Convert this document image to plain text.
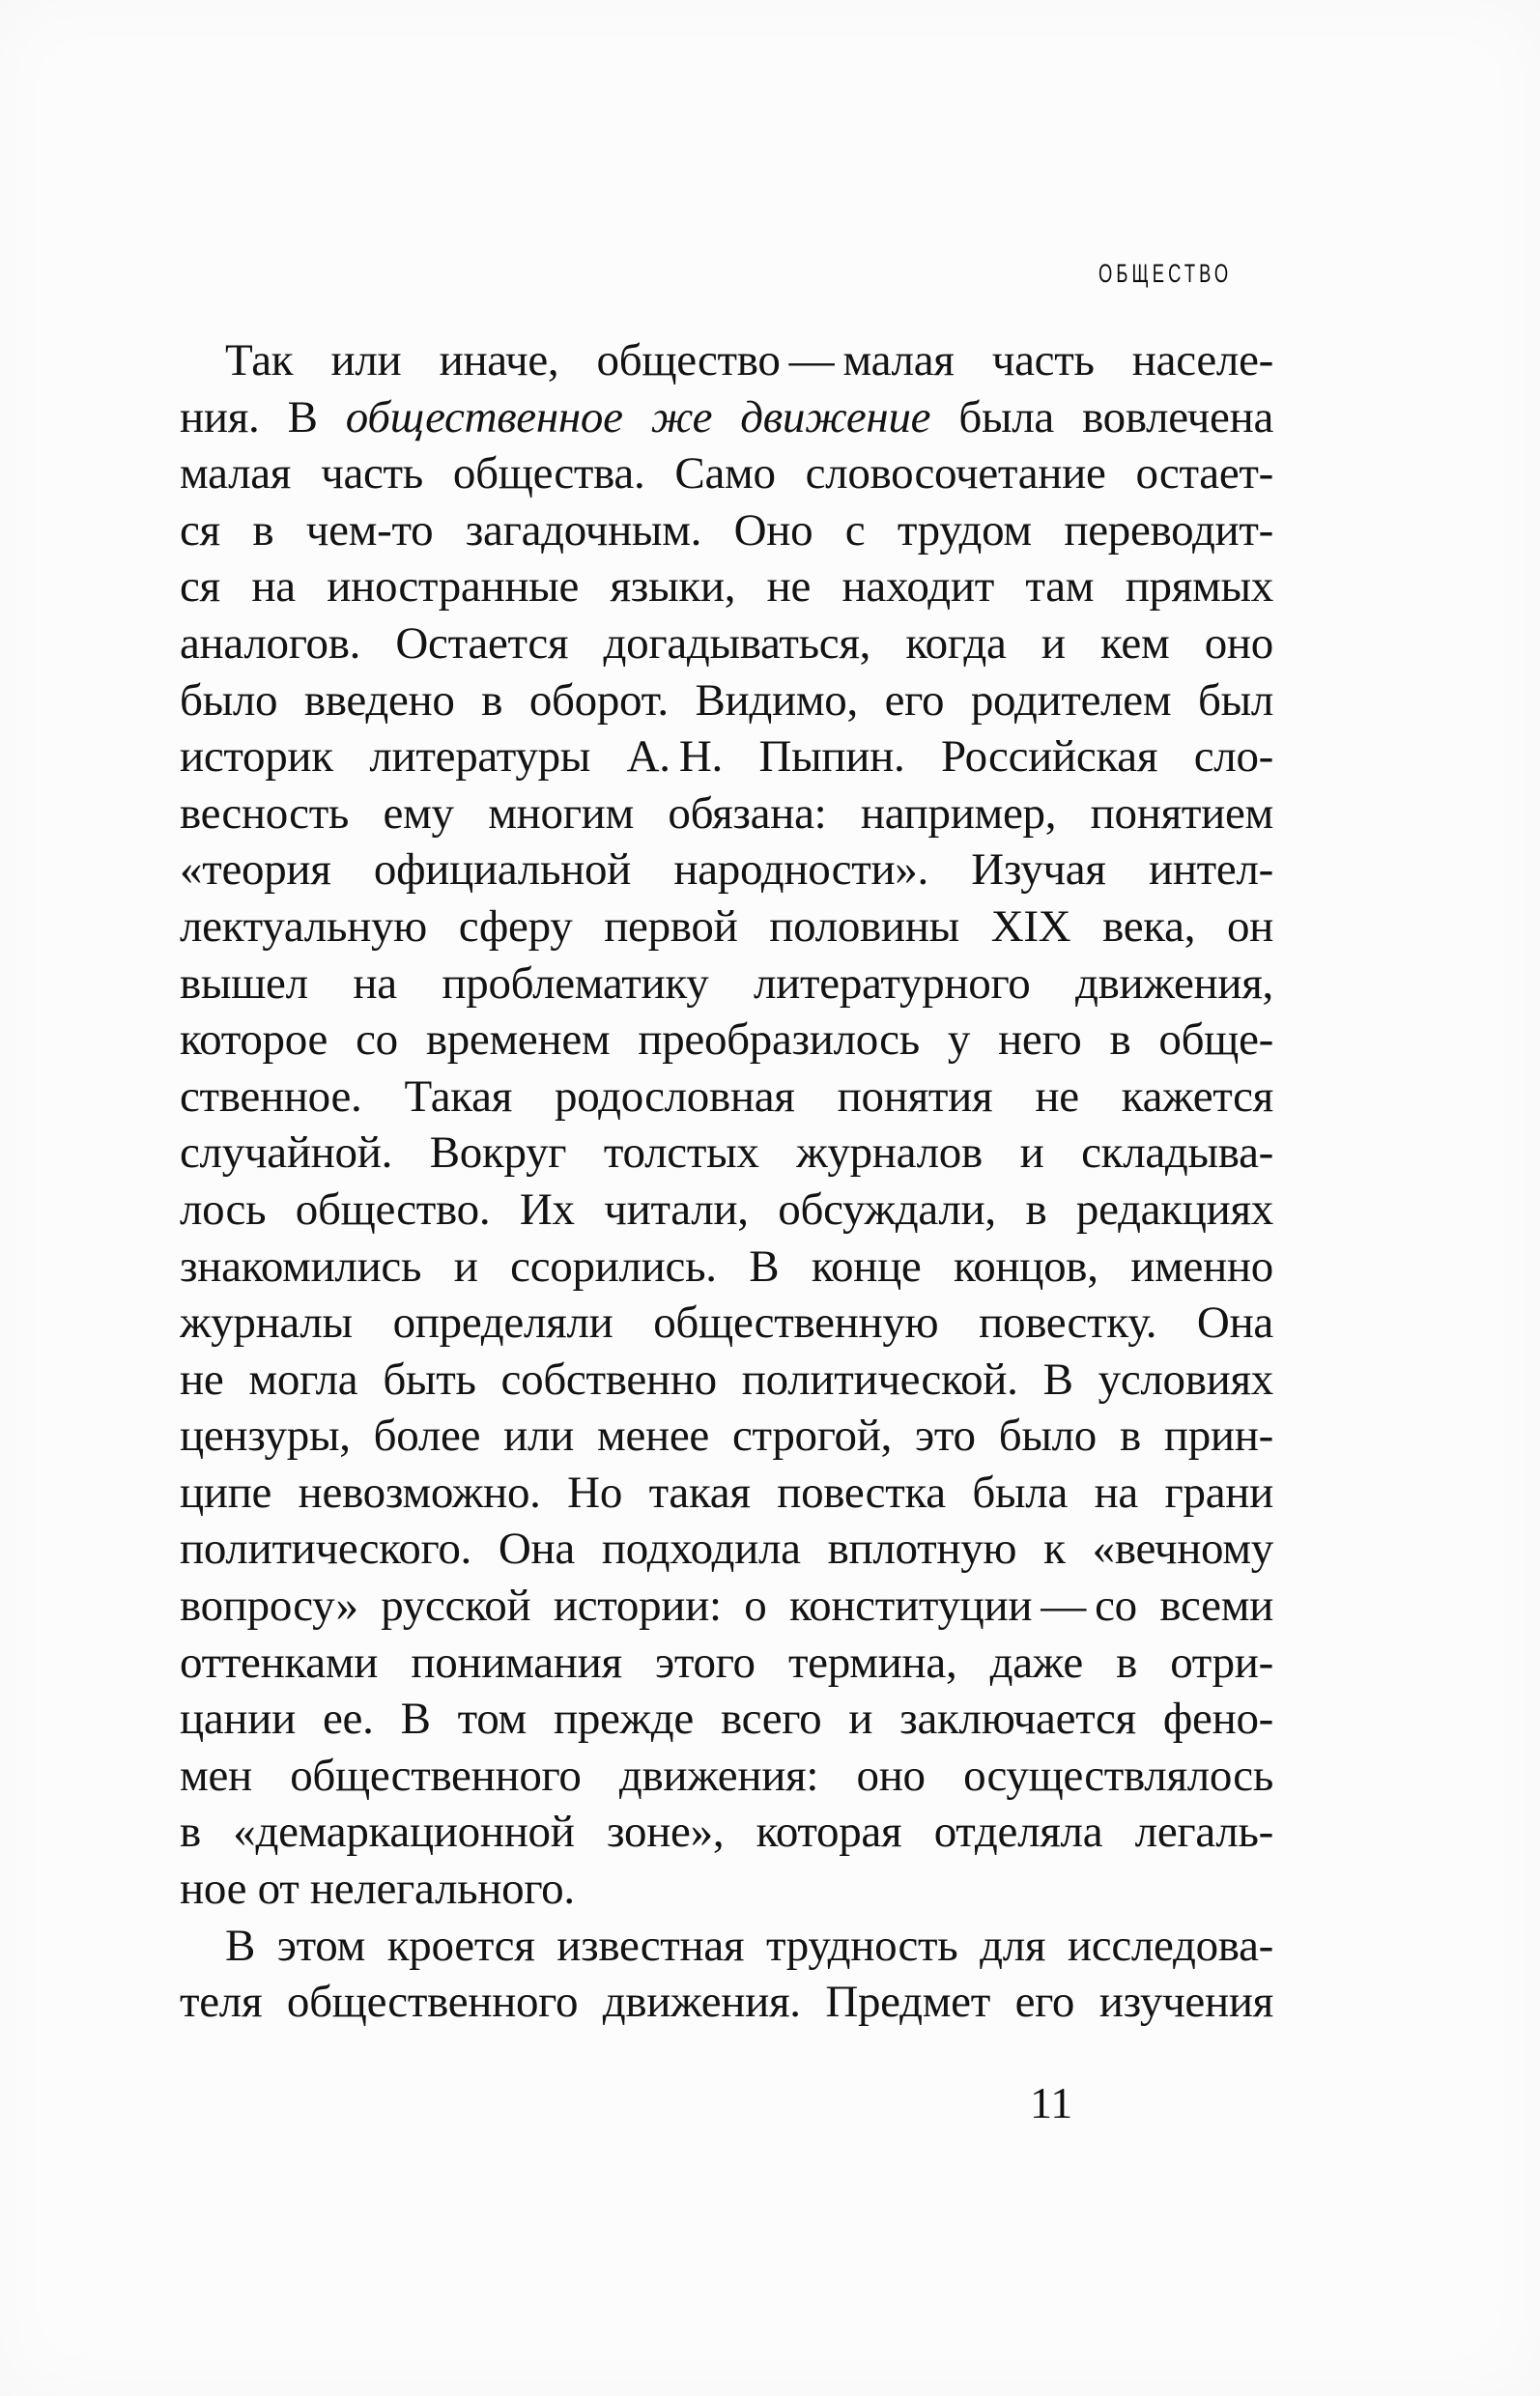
ОБЩЕСТВО
Так или иначе, общество — малая часть населе-
ния. В общественное же движение была вовлечена
малая часть общества. Само словосочетание остает-
ся в чем-то загадочным. Оно с трудом переводит-
ся на иностранные языки, не находит там прямых
аналогов. Остается догадываться, когда и кем оно
было введено в оборот. Видимо, его родителем был
историк литературы А. Н. Пыпин. Российская сло-
весность ему многим обязана: например, понятием
«теория официальной народности». Изучая интел-
лектуальную сферу первой половины XIX века, он
вышел на проблематику литературного движения,
которое со временем преобразилось у него в обще-
ственное. Такая родословная понятия не кажется
случайной. Вокруг толстых журналов и складыва-
лось общество. Их читали, обсуждали, в редакциях
знакомились и ссорились. В конце концов, именно
журналы определяли общественную повестку. Она
не могла быть собственно политической. В условиях
цензуры, более или менее строгой, это было в прин-
ципе невозможно. Но такая повестка была на грани
политического. Она подходила вплотную к «вечному
вопросу» русской истории: о конституции — со всеми
оттенками понимания этого термина, даже в отри-
цании ее. В том прежде всего и заключается фено-
мен общественного движения: оно осуществлялось
в «демаркационной зоне», которая отделяла легаль-
ное от нелегального.
В этом кроется известная трудность для исследова-
теля общественного движения. Предмет его изучения
11
